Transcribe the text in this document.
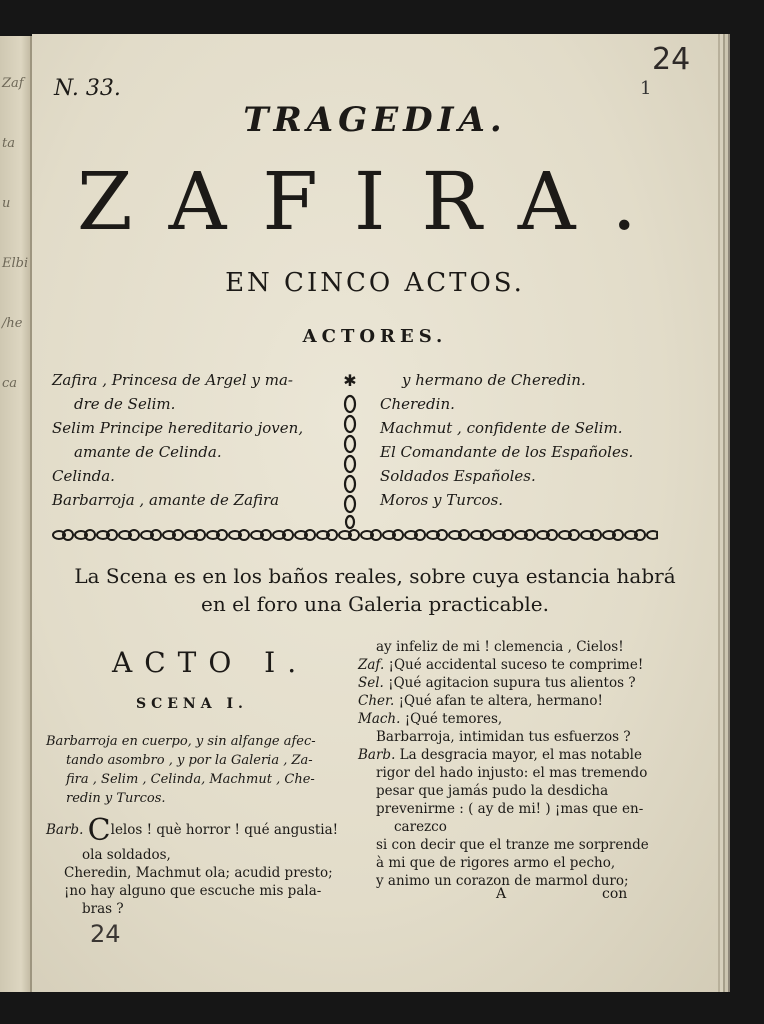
Zaf
ta
u
Elbi
/he
ca
N. 33.
24
1
TRAGEDIA.
ZAFIRA.
EN CINCO ACTOS.
ACTORES.
Zafira , Princesa de Argel y ma-
dre de Selim.
Selim Principe hereditario joven,
amante de Celinda.
Celinda.
Barbarroja , amante de Zafira
✱	y hermano de Cheredin.
Cheredin.
Machmut , confidente de Selim.
El Comandante de los Españoles.
Soldados Españoles.
Moros y Turcos.
La Scena es en los baños reales, sobre cuya estancia habrá
en el foro una Galeria practicable.
ACTO I.
SCENA I.
Barbarroja en cuerpo, y sin alfange afec-
tando asombro , y por la Galeria , Za-
fira , Selim , Celinda, Machmut , Che-
redin y Turcos.
Barb. Clelos ! què horror ! qué angustia!
ola soldados,
Cheredin, Machmut ola; acudid presto;
¡no hay alguno que escuche mis pala-
bras ?
ay infeliz de mi ! clemencia , Cielos!
Zaf. ¡Qué accidental suceso te comprime!
Sel. ¡Qué agitacion supura tus alientos ?
Cher. ¡Qué afan te altera, hermano!
Mach. ¡Qué temores,
Barbarroja, intimidan tus esfuerzos ?
Barb. La desgracia mayor, el mas notable
rigor del hado injusto: el mas tremendo
pesar que jamás pudo la desdicha
prevenirme : ( ay de mi! ) ¡mas que en-
carezco
si con decir que el tranze me sorprende
à mi que de rigores armo el pecho,
y animo un corazon de marmol duro;
24
A	con
